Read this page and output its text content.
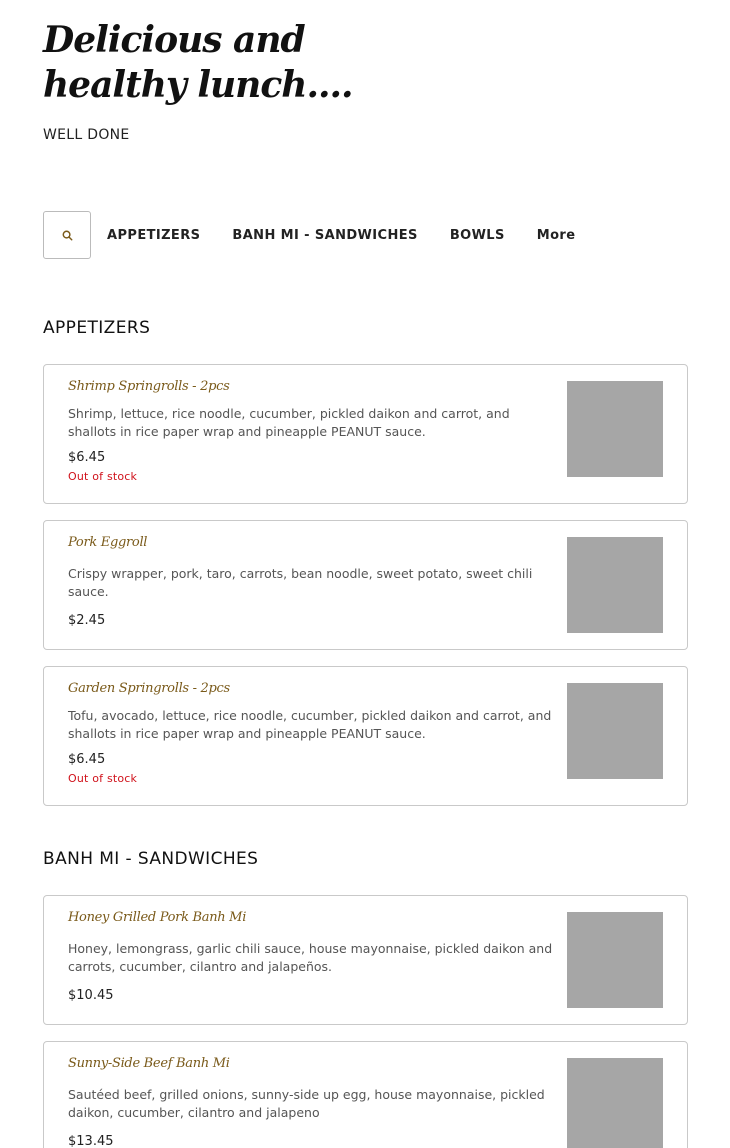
Delicious and healthy lunch....
WELL DONE
APPETIZERS BANH MI - SANDWICHES BOWLS More
APPETIZERS
Shrimp Springrolls - 2pcs
Shrimp, lettuce, rice noodle, cucumber, pickled daikon and carrot, and shallots in rice paper wrap and pineapple PEANUT sauce.
$6.45
Out of stock
Pork Eggroll
Crispy wrapper, pork, taro, carrots, bean noodle, sweet potato, sweet chili sauce.
$2.45
Garden Springrolls - 2pcs
Tofu, avocado, lettuce, rice noodle, cucumber, pickled daikon and carrot, and shallots in rice paper wrap and pineapple PEANUT sauce.
$6.45
Out of stock
BANH MI - SANDWICHES
Honey Grilled Pork Banh Mi
Honey, lemongrass, garlic chili sauce, house mayonnaise, pickled daikon and carrots, cucumber, cilantro and jalapeños.
$10.45
Sunny-Side Beef Banh Mi
Sautéed beef, grilled onions, sunny-side up egg, house mayonnaise, pickled daikon, cucumber, cilantro and jalapeno
$13.45
